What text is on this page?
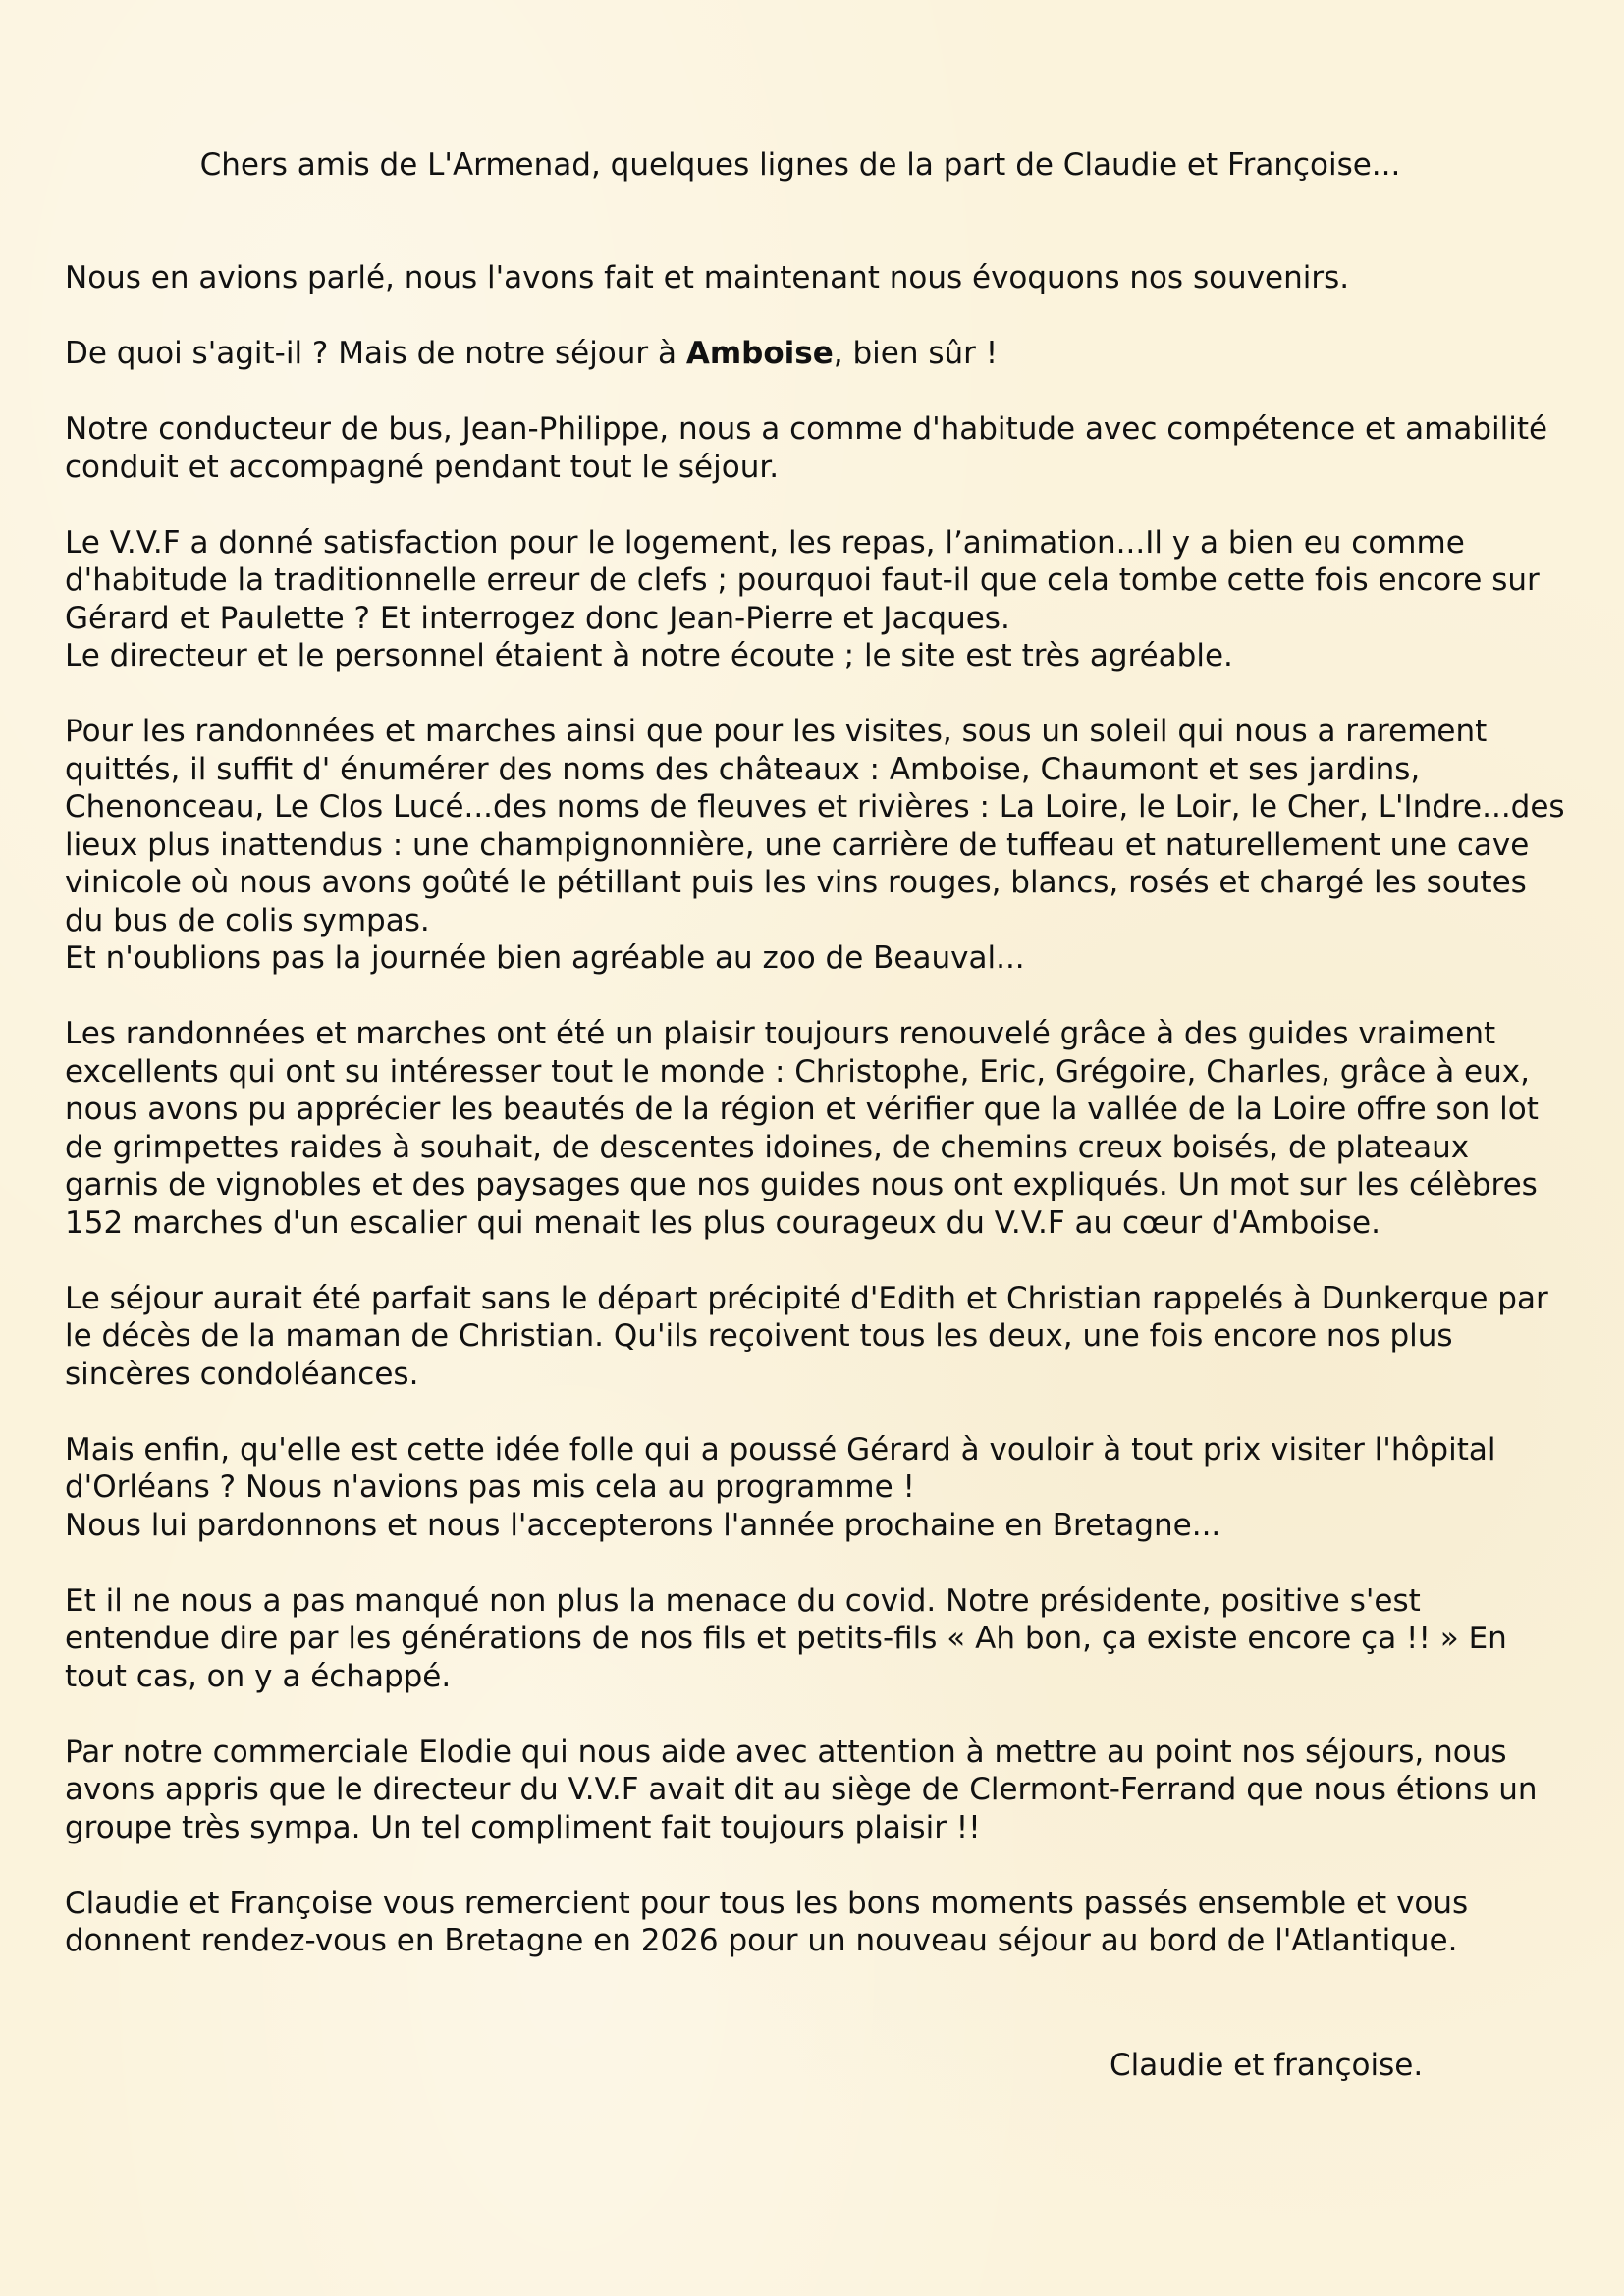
Chers amis de L'Armenad, quelques lignes de la part de Claudie et Françoise...

Nous en avions parlé, nous l'avons fait et maintenant nous évoquons nos souvenirs.

De quoi s'agit-il ? Mais de notre séjour à Amboise, bien sûr !

Notre conducteur de bus, Jean-Philippe, nous a comme d'habitude avec compétence et amabilité conduit et accompagné pendant tout le séjour.

Le V.V.F a donné satisfaction pour le logement, les repas, l’animation...Il y a bien eu comme d'habitude la traditionnelle erreur de clefs ; pourquoi faut-il que cela tombe cette fois encore sur Gérard et Paulette ? Et interrogez donc Jean-Pierre et Jacques.
Le directeur et le personnel étaient à notre écoute ; le site est très agréable.

Pour les randonnées et marches ainsi que pour les visites, sous un soleil qui nous a rarement quittés, il suffit d' énumérer des noms des châteaux : Amboise, Chaumont et ses jardins, Chenonceau, Le Clos Lucé...des noms de fleuves et rivières : La Loire, le Loir, le Cher, L'Indre...des lieux plus inattendus : une champignonnière, une carrière de tuffeau et naturellement une cave vinicole où nous avons goûté le pétillant puis les vins rouges, blancs, rosés et chargé les soutes du bus de colis sympas.
Et n'oublions pas la journée bien agréable au zoo de Beauval...

Les randonnées et marches ont été un plaisir toujours renouvelé grâce à des guides vraiment excellents qui ont su intéresser tout le monde : Christophe, Eric, Grégoire, Charles, grâce à eux, nous avons pu apprécier les beautés de la région et vérifier que la vallée de la Loire offre son lot de grimpettes raides à souhait, de descentes idoines, de chemins creux boisés, de plateaux garnis de vignobles et des paysages que nos guides nous ont expliqués. Un mot sur les célèbres 152 marches d'un escalier qui menait les plus courageux du V.V.F au cœur d'Amboise.

Le séjour aurait été parfait sans le départ précipité d'Edith et Christian rappelés à Dunkerque par le décès de la maman de Christian. Qu'ils reçoivent tous les deux, une fois encore nos plus sincères condoléances.

Mais enfin, qu'elle est cette idée folle qui a poussé Gérard à vouloir à tout prix visiter l'hôpital d'Orléans ? Nous n'avions pas mis cela au programme !
Nous lui pardonnons et nous l'accepterons l'année prochaine en Bretagne...

Et il ne nous a pas manqué non plus la menace du covid. Notre présidente, positive s'est entendue dire par les générations de nos fils et petits-fils « Ah bon, ça existe encore ça !! » En tout cas, on y a échappé.

Par notre commerciale Elodie qui nous aide avec attention à mettre au point nos séjours, nous avons appris que le directeur du V.V.F avait dit au siège de Clermont-Ferrand que nous étions un groupe très sympa. Un tel compliment fait toujours plaisir !!

Claudie et Françoise vous remercient pour tous les bons moments passés ensemble et vous donnent rendez-vous en Bretagne en 2026 pour un nouveau séjour au bord de l'Atlantique.

Claudie et françoise.
